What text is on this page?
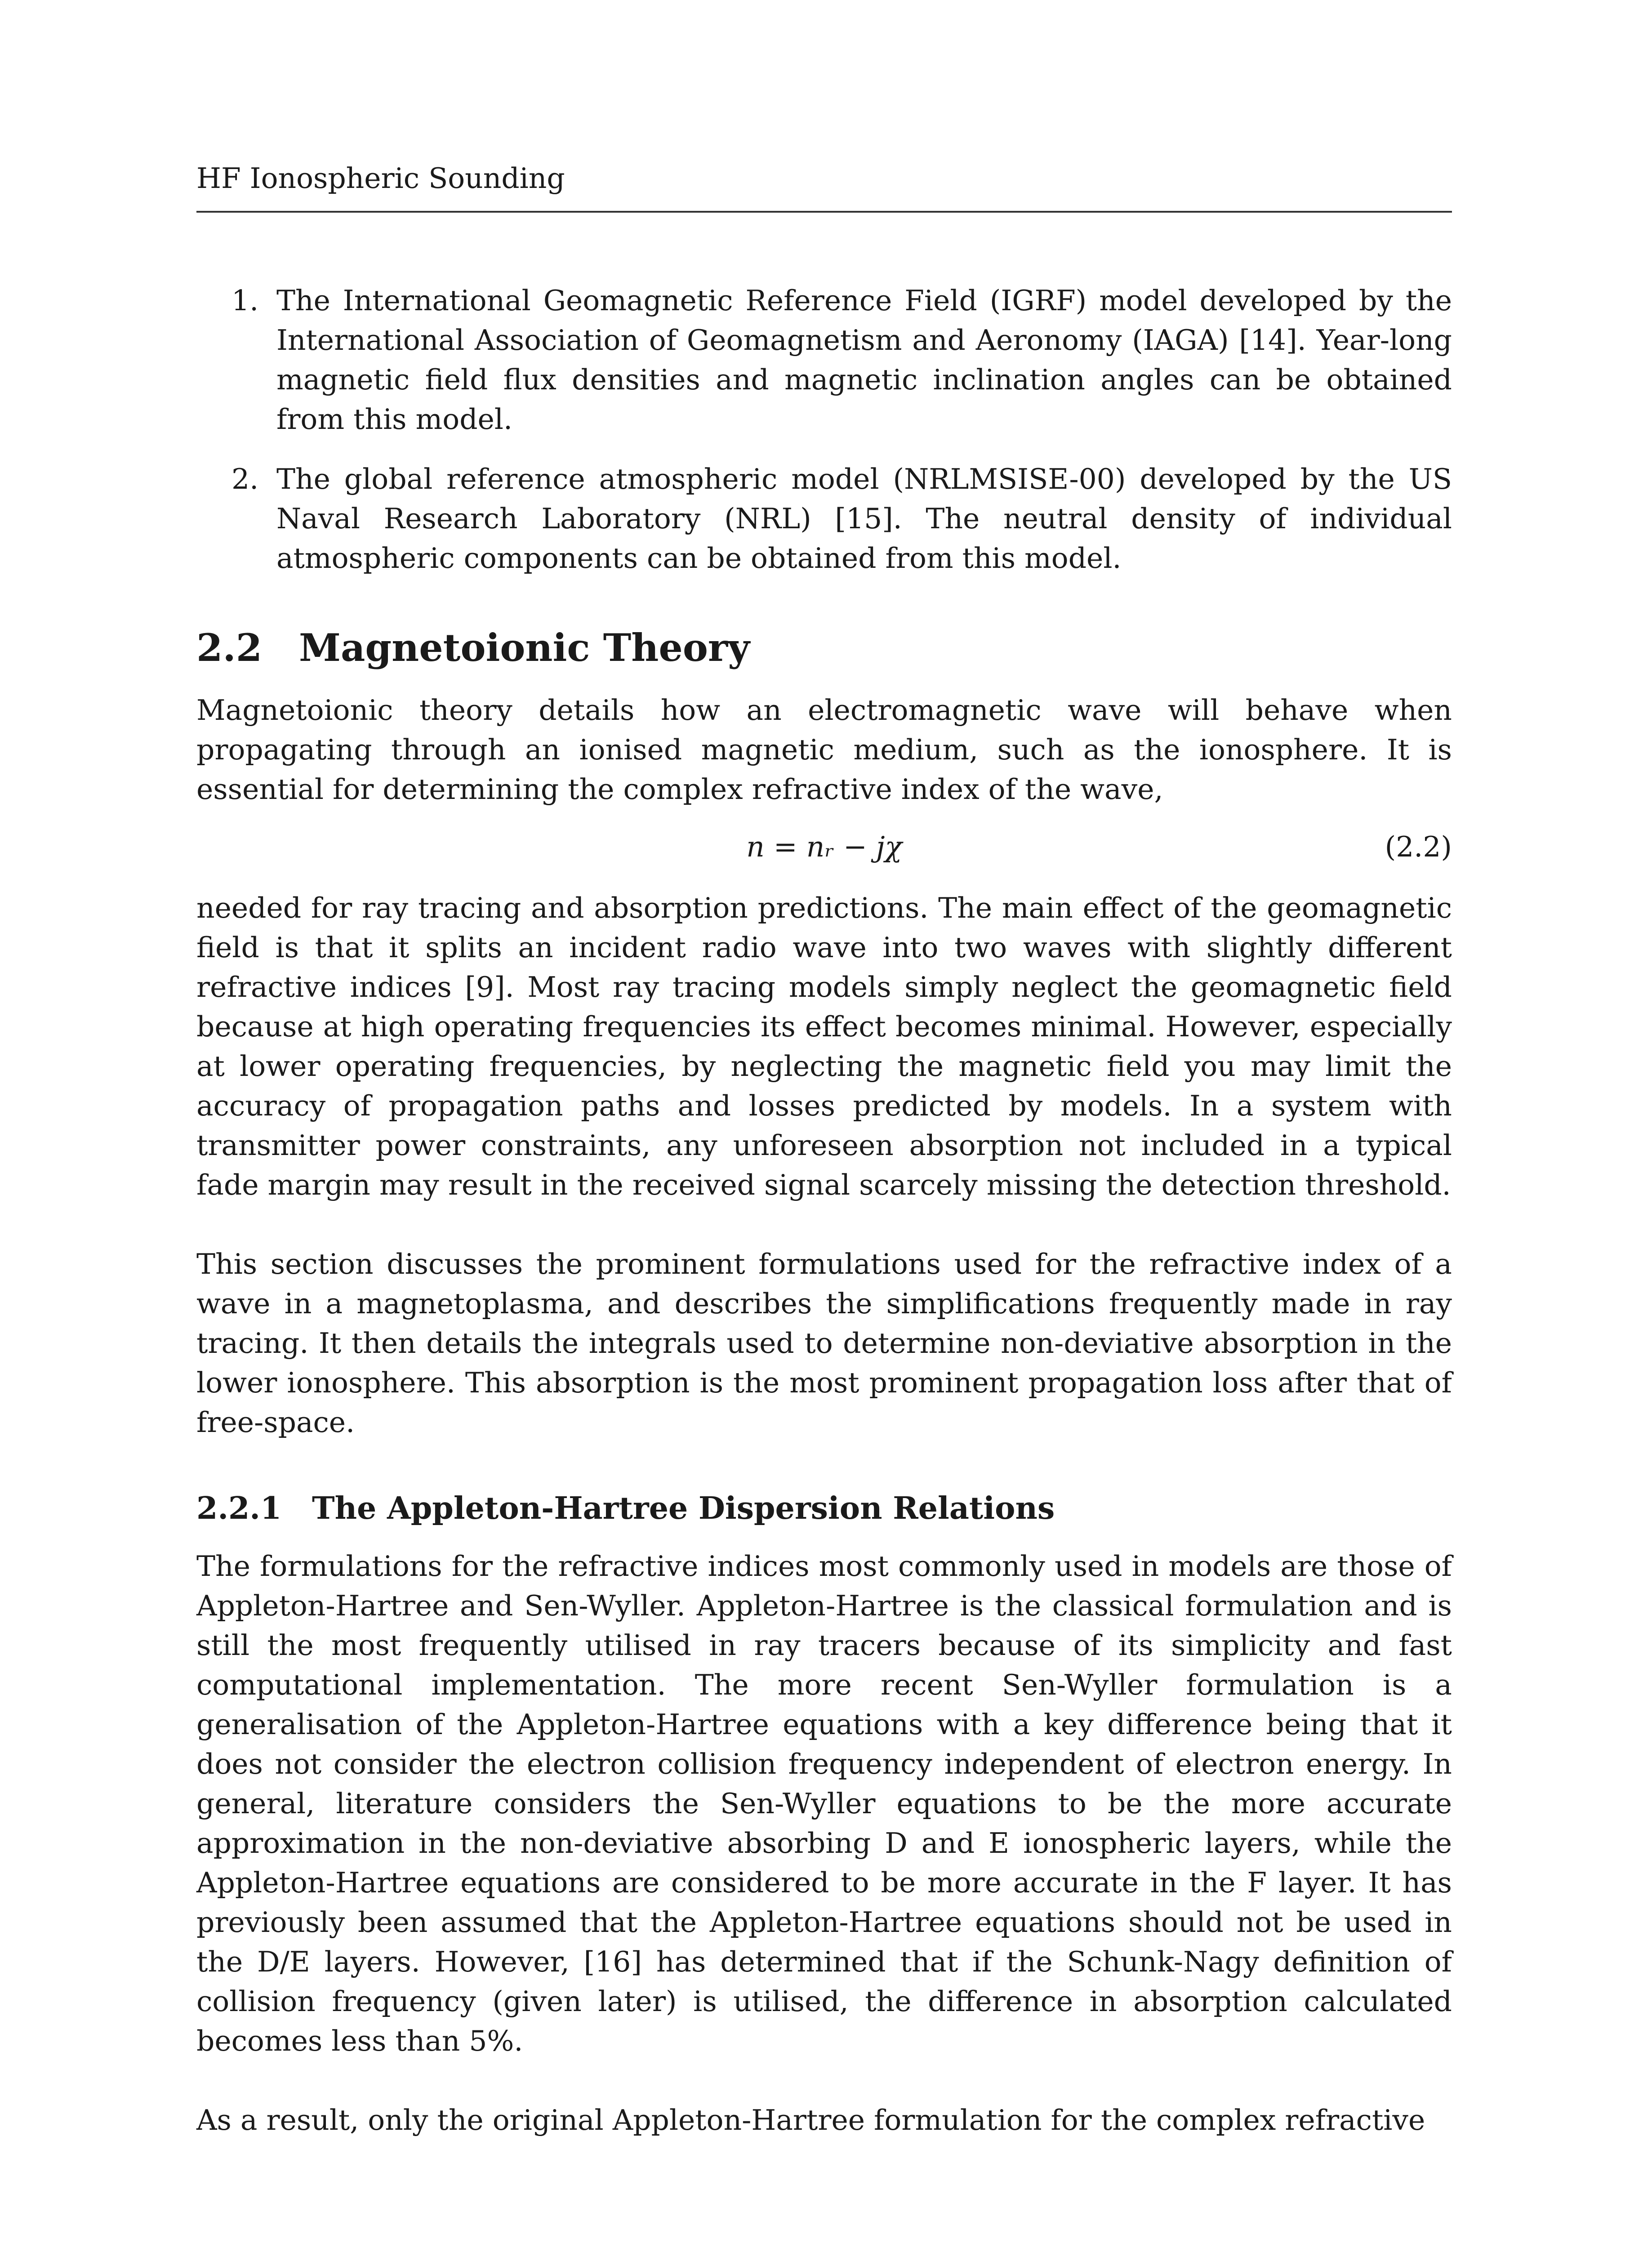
HF Ionospheric Sounding
1. The International Geomagnetic Reference Field (IGRF) model developed by the International Association of Geomagnetism and Aeronomy (IAGA) [14]. Year-long magnetic field flux densities and magnetic inclination angles can be obtained from this model.
2. The global reference atmospheric model (NRLMSISE-00) developed by the US Naval Research Laboratory (NRL) [15]. The neutral density of individual atmospheric components can be obtained from this model.
2.2 Magnetoionic Theory

Magnetoionic theory details how an electromagnetic wave will behave when propagating through an ionised magnetic medium, such as the ionosphere. It is essential for determining the complex refractive index of the wave,

n = nᵣ − jχ	(2.2)

needed for ray tracing and absorption predictions. The main effect of the geomagnetic field is that it splits an incident radio wave into two waves with slightly different refractive indices [9]. Most ray tracing models simply neglect the geomagnetic field because at high operating frequencies its effect becomes minimal. However, especially at lower operating frequencies, by neglecting the magnetic field you may limit the accuracy of propagation paths and losses predicted by models. In a system with transmitter power constraints, any unforeseen absorption not included in a typical fade margin may result in the received signal scarcely missing the detection threshold.

This section discusses the prominent formulations used for the refractive index of a wave in a magnetoplasma, and describes the simplifications frequently made in ray tracing. It then details the integrals used to determine non-deviative absorption in the lower ionosphere. This absorption is the most prominent propagation loss after that of free-space.

2.2.1 The Appleton-Hartree Dispersion Relations

The formulations for the refractive indices most commonly used in models are those of Appleton-Hartree and Sen-Wyller. Appleton-Hartree is the classical formulation and is still the most frequently utilised in ray tracers because of its simplicity and fast computational implementation. The more recent Sen-Wyller formulation is a generalisation of the Appleton-Hartree equations with a key difference being that it does not consider the electron collision frequency independent of electron energy. In general, literature considers the Sen-Wyller equations to be the more accurate approximation in the non-deviative absorbing D and E ionospheric layers, while the Appleton-Hartree equations are considered to be more accurate in the F layer. It has previously been assumed that the Appleton-Hartree equations should not be used in the D/E layers. However, [16] has determined that if the Schunk-Nagy definition of collision frequency (given later) is utilised, the difference in absorption calculated becomes less than 5%.

As a result, only the original Appleton-Hartree formulation for the complex refractive
